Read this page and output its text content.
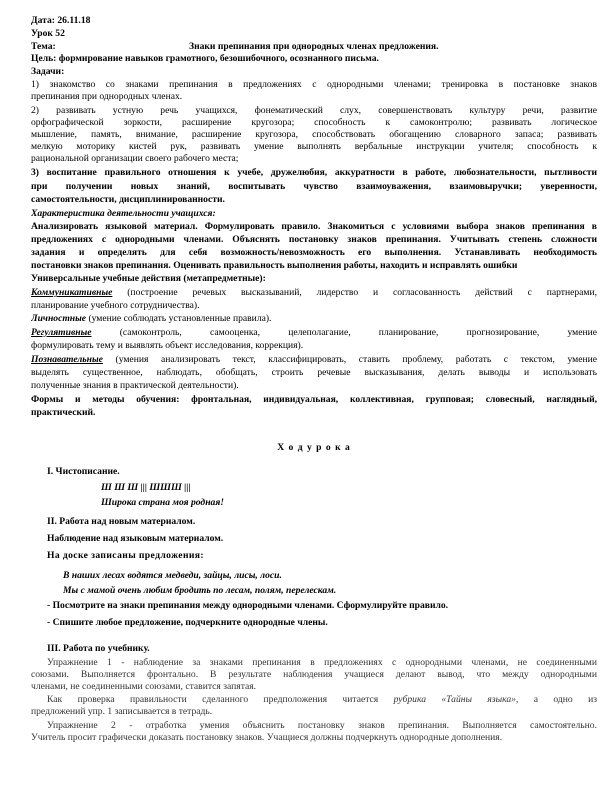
Дата: 26.11.18
Урок 52
Тема:	Знаки препинания при однородных членах предложения.
Цель: формирование навыков грамотного, безошибочного, осознанного письма.
Задачи:
1) знакомство со знаками препинания в предложениях с однородными членами; тренировка в постановке знаков
препинания при однородных членах.
2) развивать устную речь учащихся, фонематический слух, совершенствовать культуру речи, развитие
орфографической зоркости, расширение кругозора; способность к самоконтролю; развивать логическое
мышление, память, внимание, расширение кругозора, способствовать обогащению словарного запаса; развивать
мелкую моторику кистей рук, развивать умение выполнять вербальные инструкции учителя; способность к
рациональной организации своего рабочего места;
3) воспитание правильного отношения к учебе, дружелюбия, аккуратности в работе, любознательности, пытливости
при получении новых знаний, воспитывать чувство взаимоуважения, взаимовыручки; уверенности,
самостоятельности, дисциплинированности.
Характеристика деятельности учащихся:
Анализировать языковой материал. Формулировать правило. Знакомиться с условиями выбора знаков препинания в
предложениях с однородными членами. Объяснять постановку знаков препинания. Учитывать степень сложности
задания и определять для себя возможность/невозможность его выполнения. Устанавливать необходимость
постановки знаков препинания. Оценивать правильность выполнения работы, находить и исправлять ошибки
Универсальные учебные действия (метапредметные):
Коммуникативные (построение речевых высказываний, лидерство и согласованность действий с партнерами,
планирование учебного сотрудничества).
Личностные (умение соблюдать установленные правила).
Регулятивные (самоконтроль, самооценка, целеполагание, планирование, прогнозирование, умение
формулировать тему и выявлять объект исследования, коррекция).
Познавательные (умения анализировать текст, классифицировать, ставить проблему, работать с текстом, умение
выделять существенное, наблюдать, обобщать, строить речевые высказывания, делать выводы и использовать
полученные знания в практической деятельности).
Формы и методы обучения: фронтальная, индивидуальная, коллективная, групповая; словесный, наглядный,
практический.
Х о д у р о к а
I. Чистописание.
Ш Ш Ш ||| ШШШ |||
Широка страна моя родная!
II. Работа над новым материалом.
Наблюдение над языковым материалом.
На доске записаны предложения:
В наших лесах водятся медведи, зайцы, лисы, лоси.
Мы с мамой очень любим бродить по лесам, полям, перелескам.
- Посмотрите на знаки препинания между однородными членами. Сформулируйте правило.
- Спишите любое предложение, подчеркните однородные члены.
III. Работа по учебнику.
Упражнение 1 - наблюдение за знаками препинания в предложениях с однородными членами, не соединенными
союзами. Выполняется фронтально. В результате наблюдения учащиеся делают вывод, что между однородными
членами, не соединенными союзами, ставится запятая.
Как проверка правильности сделанного предположения читается рубрика «Тайны языка», а одно из
предложений упр. 1 записывается в тетрадь.
Упражнение 2 - отработка умения объяснить постановку знаков препинания. Выполняется самостоятельно.
Учитель просит графически доказать постановку знаков. Учащиеся должны подчеркнуть однородные дополнения.
